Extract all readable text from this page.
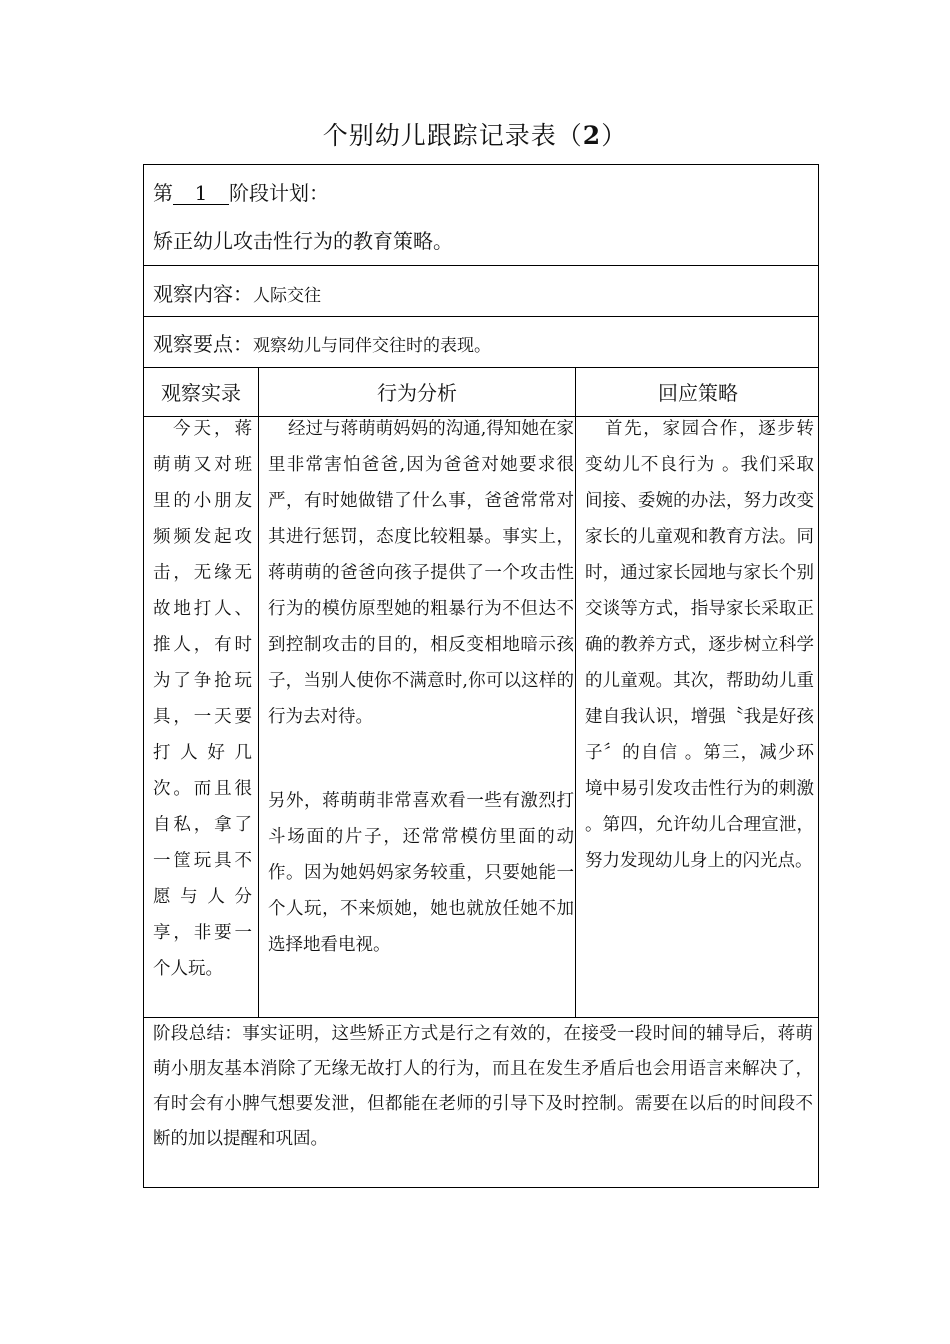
个别幼儿跟踪记录表（2）
第 1 阶段计划：
矫正幼儿攻击性行为的教育策略。
观察内容：人际交往
观察要点：观察幼儿与同伴交往时的表现。
观察实录	行为分析	回应策略
今天，蒋萌萌又对班里的小朋友频频发起攻击，无缘无故地打人、推人，有时为了争抢玩具，一天要打人好几次。而且很自私，拿了一筐玩具不愿与人分享，非要一个人玩。
经过与蒋萌萌妈妈的沟通,得知她在家里非常害怕爸爸,因为爸爸对她要求很严，有时她做错了什么事，爸爸常常对其进行惩罚，态度比较粗暴。事实上，蒋萌萌的爸爸向孩子提供了一个攻击性行为的模仿原型她的粗暴行为不但达不到控制攻击的目的，相反变相地暗示孩子，当别人使你不满意时,你可以这样的行为去对待。
另外，蒋萌萌非常喜欢看一些有激烈打斗场面的片子，还常常模仿里面的动作。因为她妈妈家务较重，只要她能一个人玩，不来烦她，她也就放任她不加选择地看电视。
首先，家园合作，逐步转变幼儿不良行为 。我们采取间接、委婉的办法，努力改变家长的儿童观和教育方法。同时，通过家长园地与家长个别交谈等方式，指导家长采取正确的教养方式，逐步树立科学的儿童观。其次，帮助幼儿重建自我认识，增强〝我是好孩子〞的自信 。第三，减少环境中易引发攻击性行为的刺激 。第四，允许幼儿合理宣泄，努力发现幼儿身上的闪光点。
阶段总结：事实证明，这些矫正方式是行之有效的，在接受一段时间的辅导后，蒋萌萌小朋友基本消除了无缘无故打人的行为，而且在发生矛盾后也会用语言来解决了，有时会有小脾气想要发泄，但都能在老师的引导下及时控制。需要在以后的时间段不断的加以提醒和巩固。
